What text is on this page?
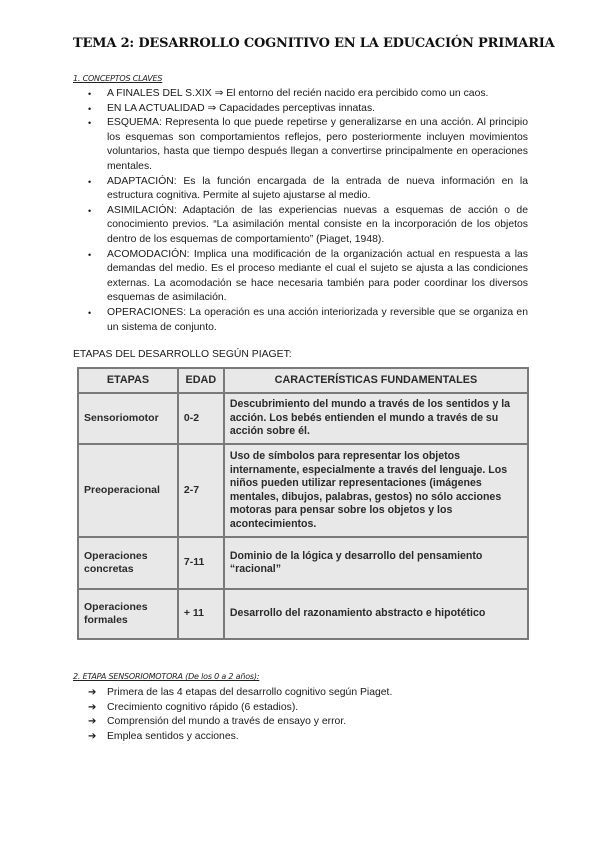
TEMA 2: DESARROLLO COGNITIVO EN LA EDUCACIÓN PRIMARIA
1. CONCEPTOS CLAVES
• A FINALES DEL S.XIX ⇒ El entorno del recién nacido era percibido como un caos.
• EN LA ACTUALIDAD ⇒ Capacidades perceptivas innatas.
• ESQUEMA: Representa lo que puede repetirse y generalizarse en una acción. Al principio los esquemas son comportamientos reflejos, pero posteriormente incluyen movimientos voluntarios, hasta que tiempo después llegan a convertirse principalmente en operaciones mentales.
• ADAPTACIÓN: Es la función encargada de la entrada de nueva información en la estructura cognitiva. Permite al sujeto ajustarse al medio.
• ASIMILACIÓN: Adaptación de las experiencias nuevas a esquemas de acción o de conocimiento previos. “La asimilación mental consiste en la incorporación de los objetos dentro de los esquemas de comportamiento” (Piaget, 1948).
• ACOMODACIÓN: Implica una modificación de la organización actual en respuesta a las demandas del medio. Es el proceso mediante el cual el sujeto se ajusta a las condiciones externas. La acomodación se hace necesaria también para poder coordinar los diversos esquemas de asimilación.
• OPERACIONES: La operación es una acción interiorizada y reversible que se organiza en un sistema de conjunto.
ETAPAS DEL DESARROLLO SEGÚN PIAGET:
ETAPAS	EDAD	CARACTERÍSTICAS FUNDAMENTALES
Sensoriomotor	0-2	Descubrimiento del mundo a través de los sentidos y la acción. Los bebés entienden el mundo a través de su acción sobre él.
Preoperacional	2-7	Uso de símbolos para representar los objetos internamente, especialmente a través del lenguaje. Los niños pueden utilizar representaciones (imágenes mentales, dibujos, palabras, gestos) no sólo acciones motoras para pensar sobre los objetos y los acontecimientos.
Operaciones concretas	7-11	Dominio de la lógica y desarrollo del pensamiento “racional”
Operaciones formales	+ 11	Desarrollo del razonamiento abstracto e hipotético
2. ETAPA SENSORIOMOTORA (De los 0 a 2 años):
➔ Primera de las 4 etapas del desarrollo cognitivo según Piaget.
➔ Crecimiento cognitivo rápido (6 estadios).
➔ Comprensión del mundo a través de ensayo y error.
➔ Emplea sentidos y acciones.
